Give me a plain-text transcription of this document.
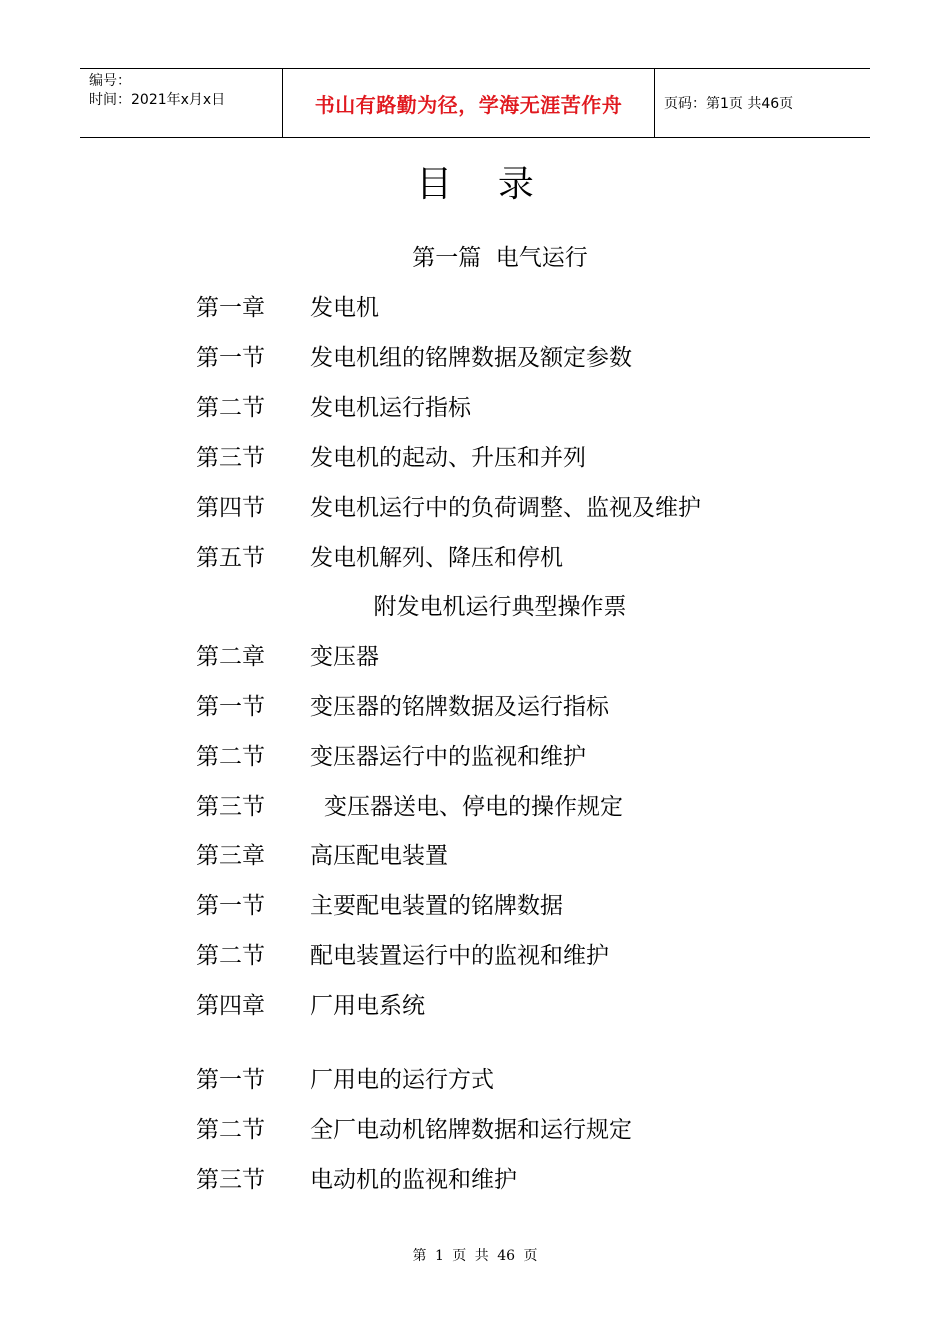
编号：
时间：2021年x月x日	书山有路勤为径，学海无涯苦作舟	页码：第1页 共46页
目    录
第一篇  电气运行
第一章 发电机
第一节 发电机组的铭牌数据及额定参数
第二节 发电机运行指标
第三节 发电机的起动、升压和并列
第四节 发电机运行中的负荷调整、监视及维护
第五节 发电机解列、降压和停机
附发电机运行典型操作票
第二章 变压器
第一节 变压器的铭牌数据及运行指标
第二节 变压器运行中的监视和维护
第三节	变压器送电、停电的操作规定
第三章 高压配电装置
第一节 主要配电装置的铭牌数据
第二节 配电装置运行中的监视和维护
第四章 厂用电系统
第一节 厂用电的运行方式
第二节 全厂电动机铭牌数据和运行规定
第三节 电动机的监视和维护
第 1 页 共 46 页
